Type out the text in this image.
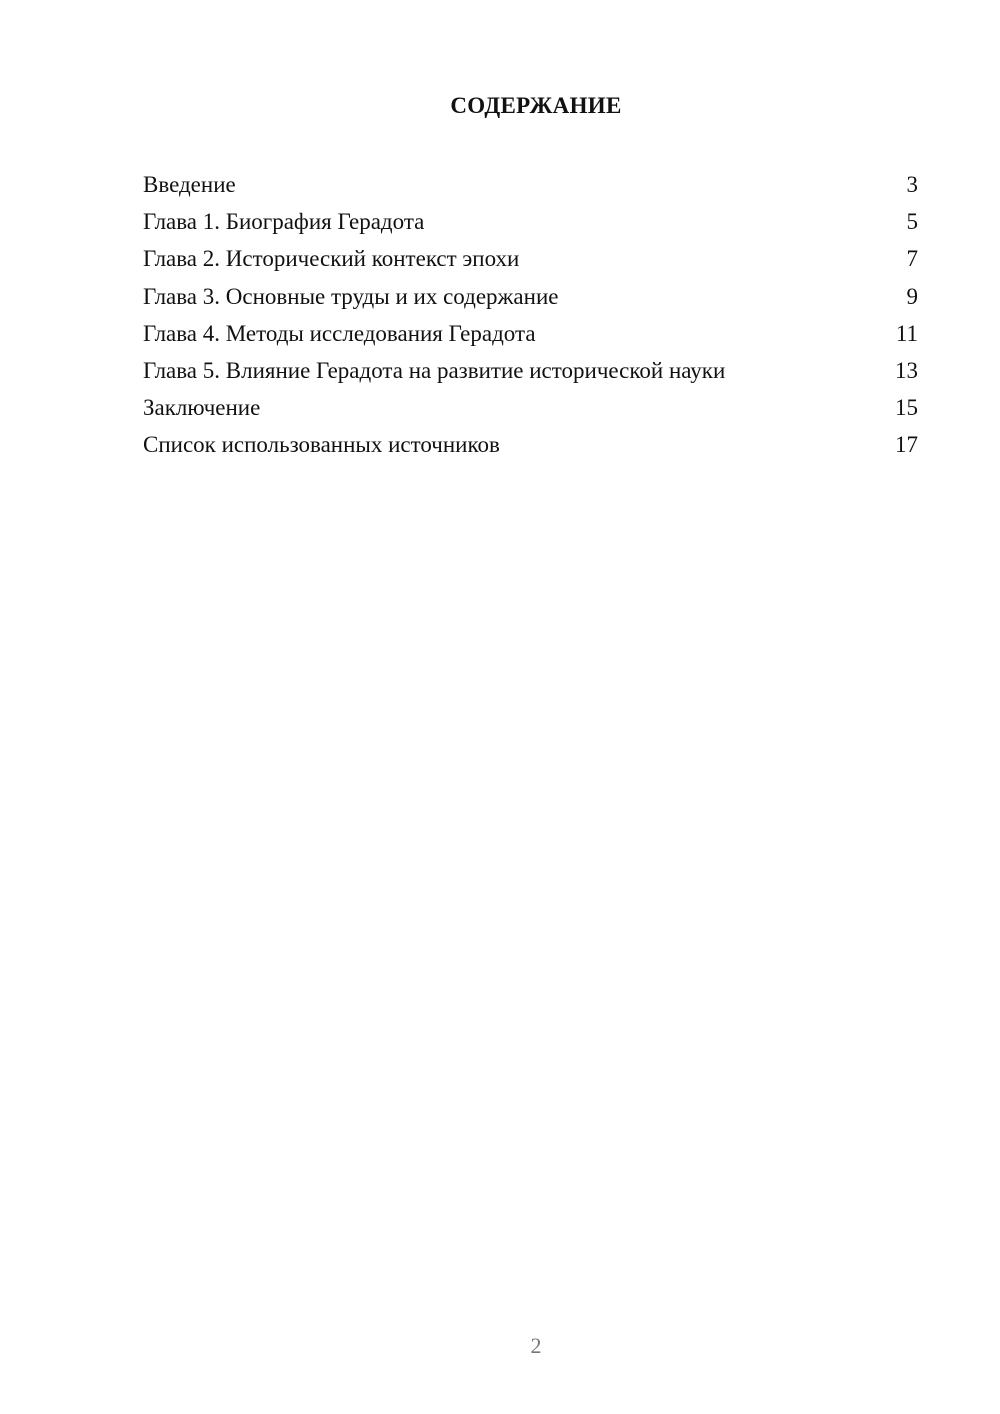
СОДЕРЖАНИЕ
Введение	3
Глава 1. Биография Герадота	5
Глава 2. Исторический контекст эпохи	7
Глава 3. Основные труды и их содержание	9
Глава 4. Методы исследования Герадота	11
Глава 5. Влияние Герадота на развитие исторической науки	13
Заключение	15
Список использованных источников	17
2
